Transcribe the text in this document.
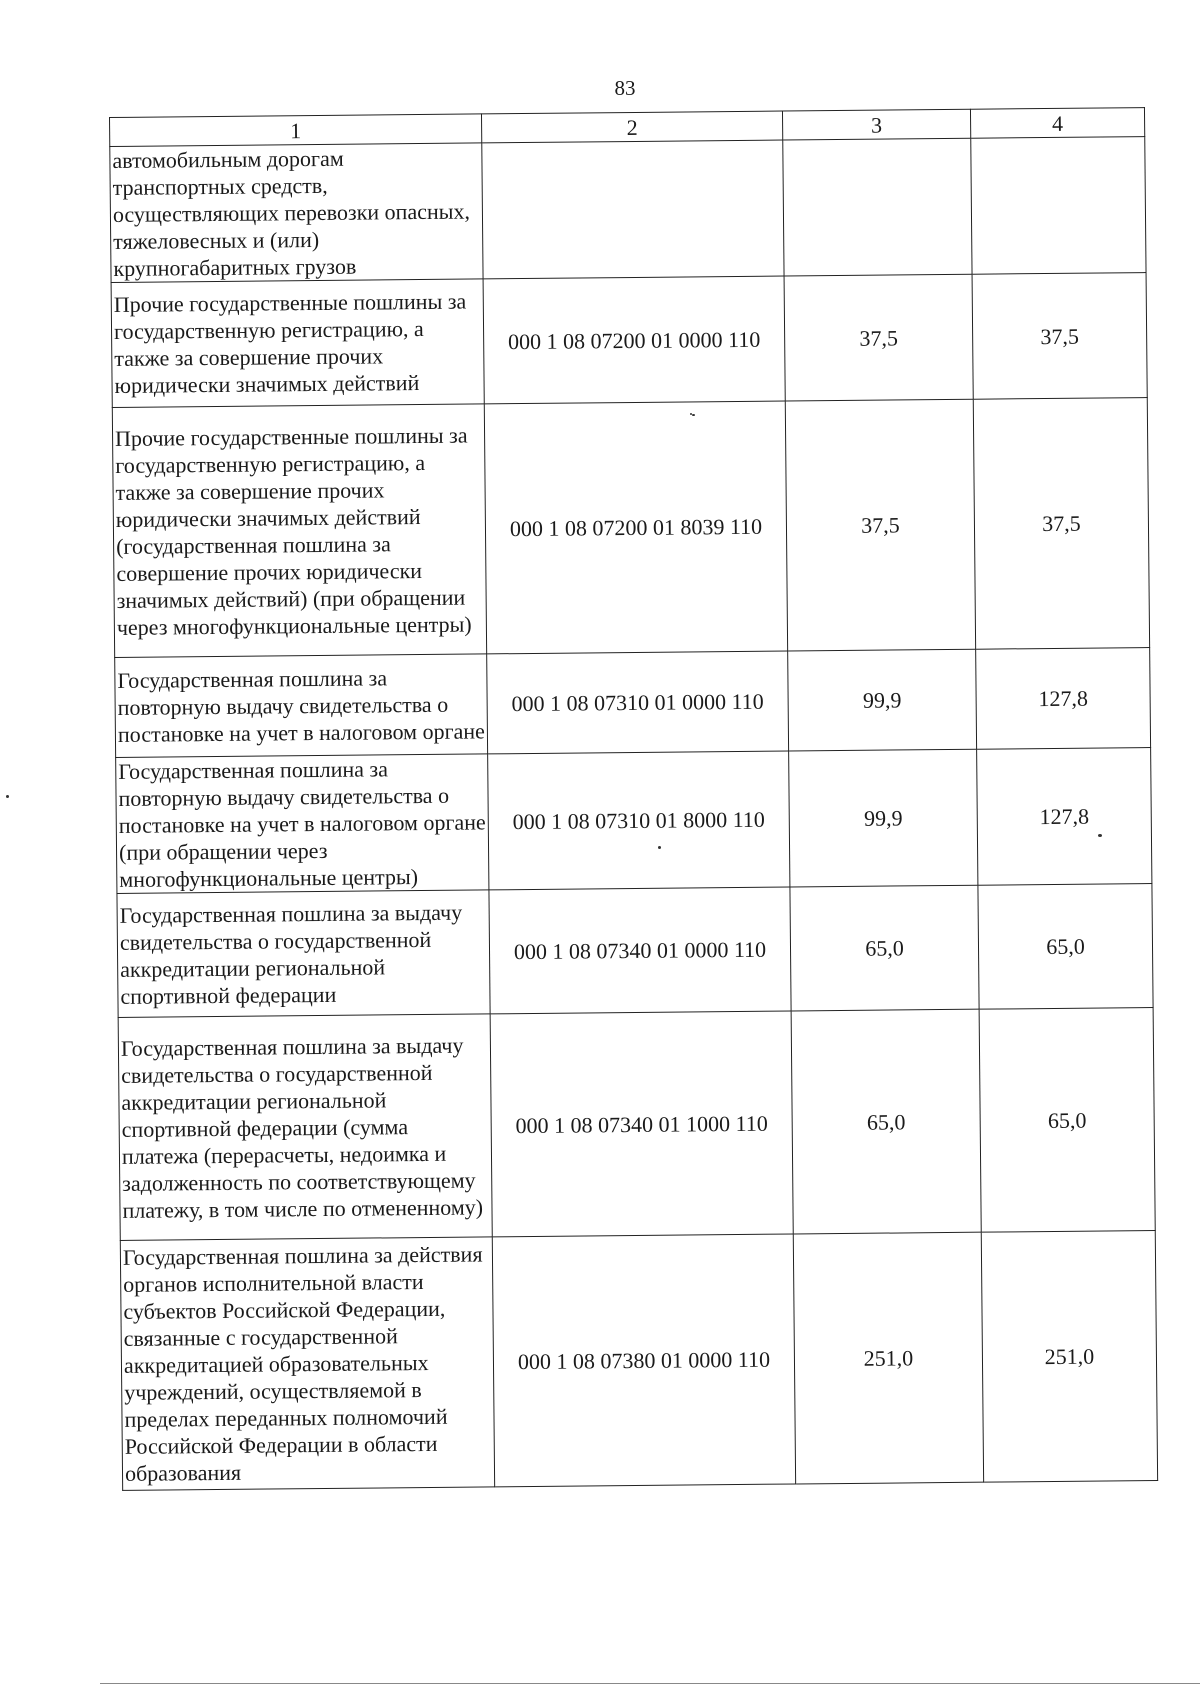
83
1	2	3	4
автомобильным дорогам транспортных средств, осуществляющих перевозки опасных, тяжеловесных и (или) крупногабаритных грузов			
Прочие государственные пошлины за государственную регистрацию, а также за совершение прочих юридически значимых действий	000 1 08 07200 01 0000 110	37,5	37,5
Прочие государственные пошлины за государственную регистрацию, а также за совершение прочих юридически значимых действий (государственная пошлина за совершение прочих юридически значимых действий) (при обращении через многофункциональные центры)	000 1 08 07200 01 8039 110	37,5	37,5
Государственная пошлина за повторную выдачу свидетельства о постановке на учет в налоговом органе	000 1 08 07310 01 0000 110	99,9	127,8
Государственная пошлина за повторную выдачу свидетельства о постановке на учет в налоговом органе (при обращении через многофункциональные центры)	000 1 08 07310 01 8000 110	99,9	127,8
Государственная пошлина за выдачу свидетельства о государственной аккредитации региональной спортивной федерации	000 1 08 07340 01 0000 110	65,0	65,0
Государственная пошлина за выдачу свидетельства о государственной аккредитации региональной спортивной федерации (сумма платежа (перерасчеты, недоимка и задолженность по соответствующему платежу, в том числе по отмененному)	000 1 08 07340 01 1000 110	65,0	65,0
Государственная пошлина за действия органов исполнительной власти субъектов Российской Федерации, связанные с государственной аккредитацией образовательных учреждений, осуществляемой в пределах переданных полномочий Российской Федерации в области образования	000 1 08 07380 01 0000 110	251,0	251,0
